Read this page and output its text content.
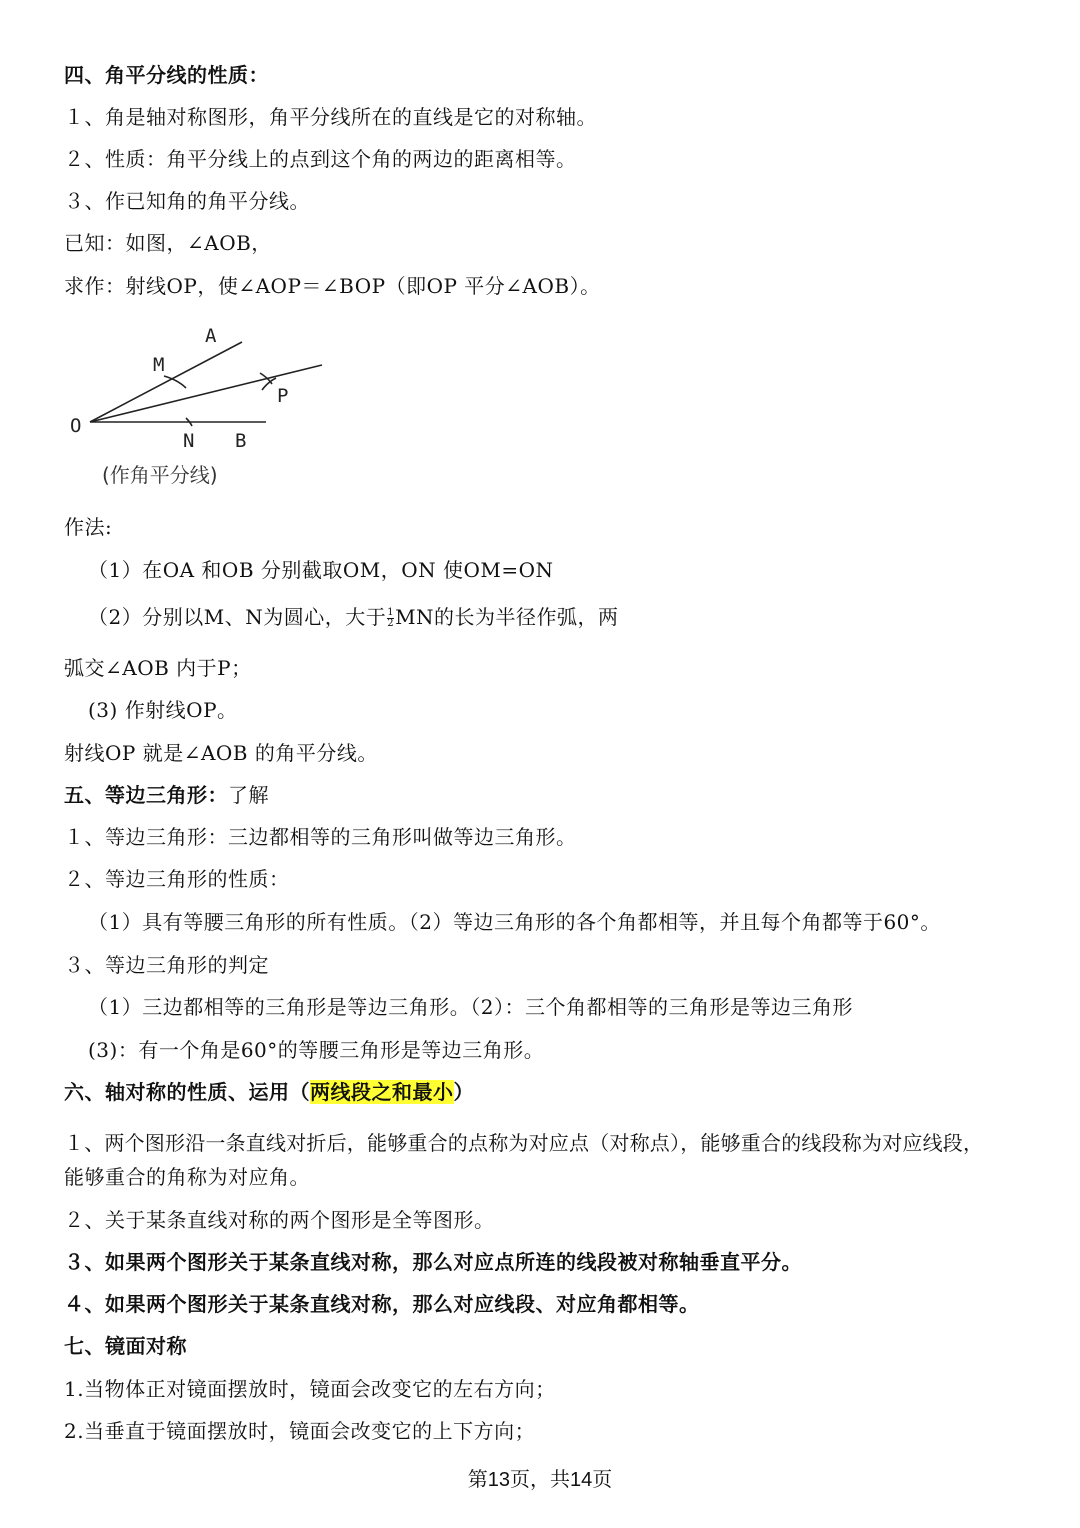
四、角平分线的性质：
１、角是轴对称图形，角平分线所在的直线是它的对称轴。
２、性质：角平分线上的点到这个角的两边的距离相等。
３、作已知角的角平分线。
已知：如图，∠AOB，
求作：射线OP，使∠AOP＝∠BOP（即OP 平分∠AOB）。
A
M
P
O
N B
(作角平分线)
作法:
（1）在OA 和OB 分别截取OM，ON 使OM=ON
（2）分别以M、N为圆心，大于 $\frac{1}{2}$ MN的长为半径作弧，两
弧交∠AOB 内于P；
(3) 作射线OP。
射线OP 就是∠AOB 的角平分线。
五、等边三角形：了解
１、等边三角形：三边都相等的三角形叫做等边三角形。
２、等边三角形的性质：
（1）具有等腰三角形的所有性质。（2）等边三角形的各个角都相等，并且每个角都等于60°。
３、等边三角形的判定
（1）三边都相等的三角形是等边三角形。（2）：三个角都相等的三角形是等边三角形
(3)：有一个角是60°的等腰三角形是等边三角形。
六、轴对称的性质、运用（两线段之和最小）
１、两个图形沿一条直线对折后，能够重合的点称为对应点（对称点），能够重合的线段称为对应线段，
能够重合的角称为对应角。
２、关于某条直线对称的两个图形是全等图形。
３、如果两个图形关于某条直线对称，那么对应点所连的线段被对称轴垂直平分。
４、如果两个图形关于某条直线对称，那么对应线段、对应角都相等。
七、镜面对称
1.当物体正对镜面摆放时，镜面会改变它的左右方向；
2.当垂直于镜面摆放时，镜面会改变它的上下方向；
第13页，共14页
